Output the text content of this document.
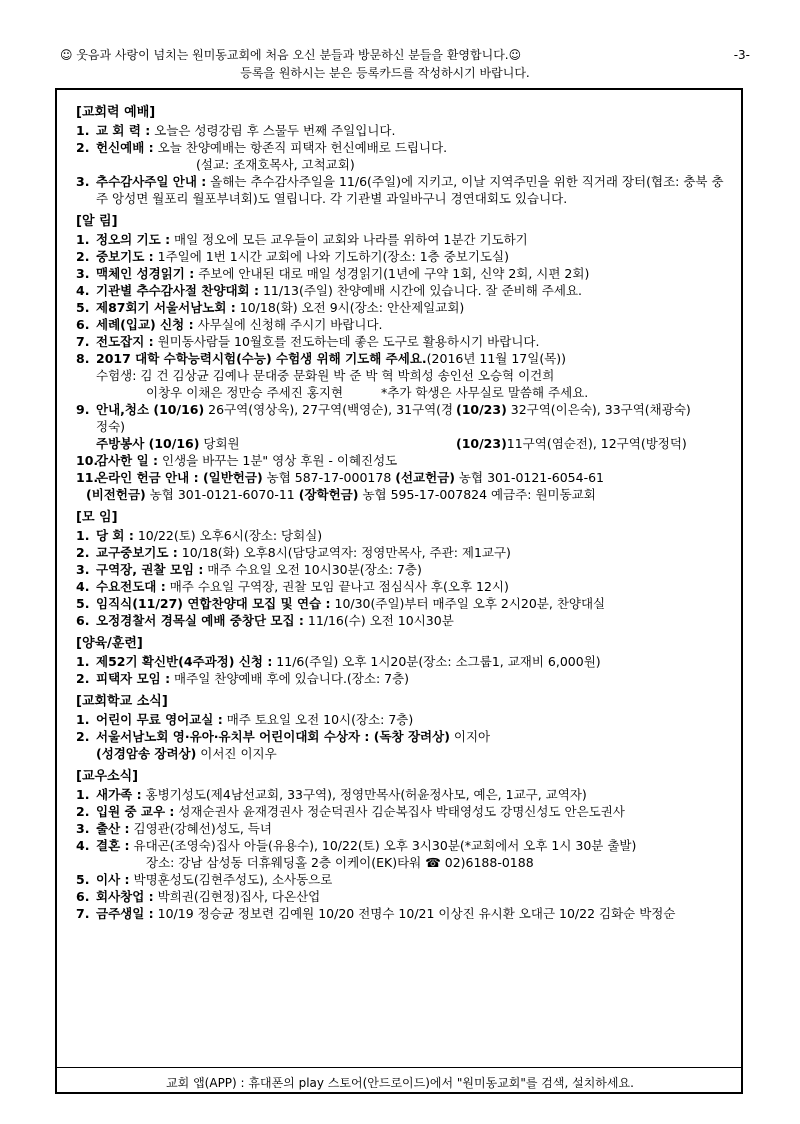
☺ 웃음과 사랑이 넘치는 원미동교회에 처음 오신 분들과 방문하신 분들을 환영합니다.☺	-3-
등록을 원하시는 분은 등록카드를 작성하시기 바랍니다.
[교회력 예배]
1. 교 회 력 : 오늘은 성령강림 후 스물두 번째 주일입니다.
2. 헌신예배 : 오늘 찬양예배는 항존직 피택자 헌신예배로 드립니다.
(설교: 조재호목사, 고척교회)
3. 추수감사주일 안내 : 올해는 추수감사주일을 11/6(주일)에 지키고, 이날 지역주민을 위한 직거래 장터(협조: 충북 충주 앙성면 월포리 월포부녀회)도 열립니다. 각 기관별 과일바구니 경연대회도 있습니다.
[알 림]
1. 정오의 기도 : 매일 정오에 모든 교우들이 교회와 나라를 위하여 1분간 기도하기
2. 중보기도 : 1주일에 1번 1시간 교회에 나와 기도하기(장소: 1층 중보기도실)
3. 맥체인 성경읽기 : 주보에 안내된 대로 매일 성경읽기(1년에 구약 1회, 신약 2회, 시편 2회)
4. 기관별 추수감사절 찬양대회 : 11/13(주일) 찬양예배 시간에 있습니다. 잘 준비해 주세요.
5. 제87회기 서울서남노회 : 10/18(화) 오전 9시(장소: 안산제일교회)
6. 세례(입교) 신청 : 사무실에 신청해 주시기 바랍니다.
7. 전도잡지 : 원미동사람들 10월호를 전도하는데 좋은 도구로 활용하시기 바랍니다.
8. 2017 대학 수학능력시험(수능) 수험생 위해 기도해 주세요.(2016년 11월 17일(목))
수험생: 김 건 김상균 김예나 문대중 문화원 박 준 박 혁 박희성 송인선 오승혁 이건희
이창우 이채은 정만승 주세진 홍지현	*추가 학생은 사무실로 말씀해 주세요.
9. 안내,청소 (10/16) 26구역(영상욱), 27구역(백영순), 31구역(경정숙)
(10/23) 32구역(이은숙), 33구역(채광숙)
주방봉사 (10/16) 당회원	(10/23)11구역(염순전), 12구역(방정덕)
10.
감사한 일 : 인생을 바꾸는 1분" 영상 후원 - 이혜진성도
11.
온라인 헌금 안내 : (일반헌금) 농협 587-17-000178 (선교헌금) 농협 301-0121-6054-61
(비전헌금) 농협 301-0121-6070-11 (장학헌금) 농협 595-17-007824 예금주: 원미동교회
[모 임]
1. 당 회 : 10/22(토) 오후6시(장소: 당회실)
2. 교구중보기도 : 10/18(화) 오후8시(담당교역자: 정영만목사, 주관: 제1교구)
3. 구역장, 권찰 모임 : 매주 수요일 오전 10시30분(장소: 7층)
4. 수요전도대 : 매주 수요일 구역장, 권찰 모임 끝나고 점심식사 후(오후 12시)
5. 임직식(11/27) 연합찬양대 모집 및 연습 : 10/30(주일)부터 매주일 오후 2시20분, 찬양대실
6. 오정경찰서 경목실 예배 중창단 모집 : 11/16(수) 오전 10시30분
[양육/훈련]
1. 제52기 확신반(4주과정) 신청 : 11/6(주일) 오후 1시20분(장소: 소그룹1, 교재비 6,000원)
2. 피택자 모임 : 매주일 찬양예배 후에 있습니다.(장소: 7층)
[교회학교 소식]
1. 어린이 무료 영어교실 : 매주 토요일 오전 10시(장소: 7층)
2. 서울서남노회 영·유아·유치부 어린이대회 수상자 : (독창 장려상) 이지아
(성경암송 장려상) 이서진 이지우
[교우소식]
1. 새가족 : 홍병기성도(제4남선교회, 33구역), 정영만목사(허윤정사모, 예은, 1교구, 교역자)
2. 입원 중 교우 : 성재순권사 윤재경권사 정순덕권사 김순복집사 박태영성도 강명신성도 안은도권사
3. 출산 : 김영관(강혜선)성도, 득녀
4. 결혼 : 유대곤(조영숙)집사 아들(유용수), 10/22(토) 오후 3시30분(*교회에서 오후 1시 30분 출발)
장소: 강남 삼성동 더휴웨딩홀 2층 이케이(EK)타워 ☎ 02)6188-0188
5. 이사 : 박명훈성도(김현주성도), 소사동으로
6. 회사창업 : 박희권(김현정)집사, 다온산업
7. 금주생일 : 10/19 정승균 정보련 김예원 10/20 전명수 10/21 이상진 유시환 오대근 10/22 김화순 박정순
교회 앱(APP) : 휴대폰의 play 스토어(안드로이드)에서 "원미동교회"를 검색, 설치하세요.
